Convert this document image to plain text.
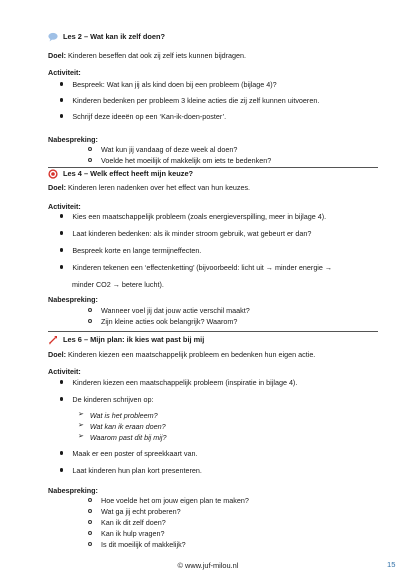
Les 2 – Wat kan ik zelf doen?
Doel: Kinderen beseffen dat ook zij zelf iets kunnen bijdragen.
Activiteit:
Bespreek: Wat kan jij als kind doen bij een probleem (bijlage 4)?
Kinderen bedenken per probleem 3 kleine acties die zij zelf kunnen uitvoeren.
Schrijf deze ideeën op een ‘Kan-ik-doen-poster’.
Nabespreking:
Wat kun jij vandaag of deze week al doen?
Voelde het moeilijk of makkelijk om iets te bedenken?
Les 4 – Welk effect heeft mijn keuze?
Doel: Kinderen leren nadenken over het effect van hun keuzes.
Activiteit:
Kies een maatschappelijk probleem (zoals energieverspilling, meer in bijlage 4).
Laat kinderen bedenken: als ik minder stroom gebruik, wat gebeurt er dan?
Bespreek korte en lange termijneffecten.
Kinderen tekenen een ‘effectenketting’ (bijvoorbeeld: licht uit → minder energie →
minder CO2 → betere lucht).
Nabespreking:
Wanneer voel jij dat jouw actie verschil maakt?
Zijn kleine acties ook belangrijk? Waarom?
Les 6 – Mijn plan: ik kies wat past bij mij
Doel: Kinderen kiezen een maatschappelijk probleem en bedenken hun eigen actie.
Activiteit:
Kinderen kiezen een maatschappelijk probleem (inspiratie in bijlage 4).
De kinderen schrijven op:
➢ Wat is het probleem?
➢ Wat kan ik eraan doen?
➢ Waarom past dit bij mij?
Maak er een poster of spreekkaart van.
Laat kinderen hun plan kort presenteren.
Nabespreking:
Hoe voelde het om jouw eigen plan te maken?
Wat ga jij echt proberen?
Kan ik dit zelf doen?
Kan ik hulp vragen?
Is dit moeilijk of makkelijk?
© www.juf-milou.nl	15
